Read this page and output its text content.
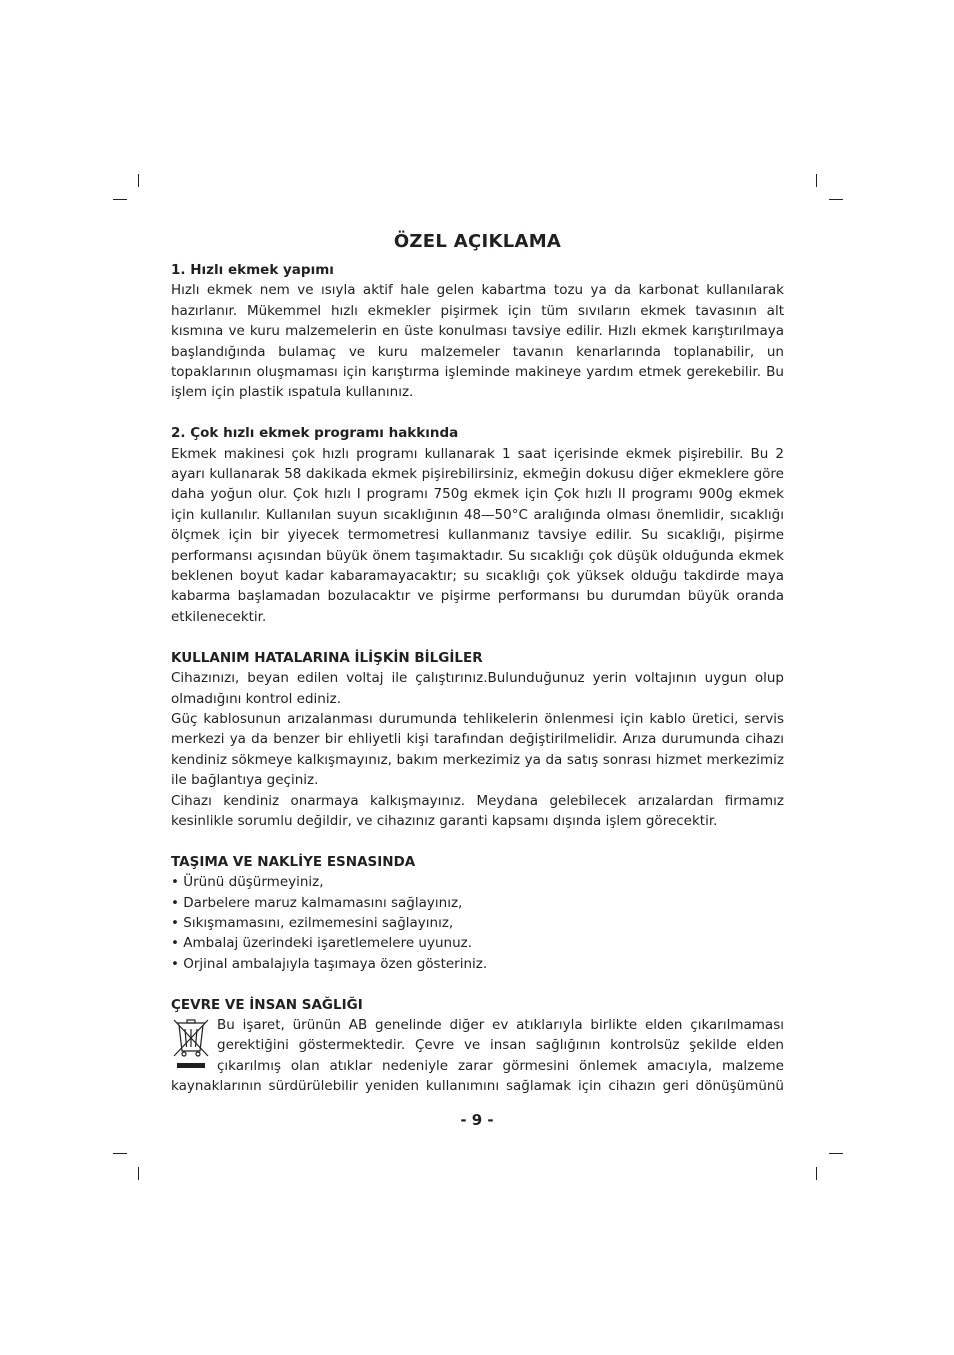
ÖZEL AÇIKLAMA
1. Hızlı ekmek yapımı

Hızlı ekmek nem ve ısıyla aktif hale gelen kabartma tozu ya da karbonat kullanılarak hazırlanır. Mükemmel hızlı ekmekler pişirmek için tüm sıvıların ekmek tavasının alt kısmına ve kuru malzemelerin en üste konulması tavsiye edilir. Hızlı ekmek karıştırılmaya başlandığında bulamaç ve kuru malzemeler tavanın kenarlarında toplanabilir, un topaklarının oluşmaması için karıştırma işleminde makineye yardım etmek gerekebilir. Bu işlem için plastik ıspatula kullanınız.

2. Çok hızlı ekmek programı hakkında

Ekmek makinesi çok hızlı programı kullanarak 1 saat içerisinde ekmek pişirebilir. Bu 2 ayarı kullanarak 58 dakikada ekmek pişirebilirsiniz, ekmeğin dokusu diğer ekmeklere göre daha yoğun olur. Çok hızlı I programı 750g ekmek için Çok hızlı II programı 900g ekmek için kullanılır. Kullanılan suyun sıcaklığının 48—50°C aralığında olması önemlidir, sıcaklığı ölçmek için bir yiyecek termometresi kullanmanız tavsiye edilir. Su sıcaklığı, pişirme performansı açısından büyük önem taşımaktadır. Su sıcaklığı çok düşük olduğunda ekmek beklenen boyut kadar kabaramayacaktır; su sıcaklığı çok yüksek olduğu takdirde maya kabarma başlamadan bozulacaktır ve pişirme performansı bu durumdan büyük oranda etkilenecektir.

KULLANIM HATALARINA İLİŞKİN BİLGİLER

Cihazınızı, beyan edilen voltaj ile çalıştırınız.Bulunduğunuz yerin voltajının uygun olup olmadığını kontrol ediniz.

Güç kablosunun arızalanması durumunda tehlikelerin önlenmesi için kablo üretici, servis merkezi ya da benzer bir ehliyetli kişi tarafından değiştirilmelidir. Arıza durumunda cihazı kendiniz sökmeye kalkışmayınız, bakım merkezimiz ya da satış sonrası hizmet merkezimiz ile bağlantıya geçiniz.

Cihazı kendiniz onarmaya kalkışmayınız. Meydana gelebilecek arızalardan firmamız kesinlikle sorumlu değildir, ve cihazınız garanti kapsamı dışında işlem görecektir.

TAŞIMA VE NAKLİYE ESNASINDA
• Ürünü düşürmeyiniz,
• Darbelere maruz kalmamasını sağlayınız,
• Sıkışmamasını, ezilmemesini sağlayınız,
• Ambalaj üzerindeki işaretlemelere uyunuz.
• Orjinal ambalajıyla taşımaya özen gösteriniz.
ÇEVRE VE İNSAN SAĞLIĞI

Bu işaret, ürünün AB genelinde diğer ev atıklarıyla birlikte elden çıkarılmaması

gerektiğini göstermektedir. Çevre ve insan sağlığının kontrolsüz şekilde elden

çıkarılmış olan atıklar nedeniyle zarar görmesini önlemek amacıyla, malzeme

kaynaklarının sürdürülebilir yeniden kullanımını sağlamak için cihazın geri dönüşümünü

- 9 -
